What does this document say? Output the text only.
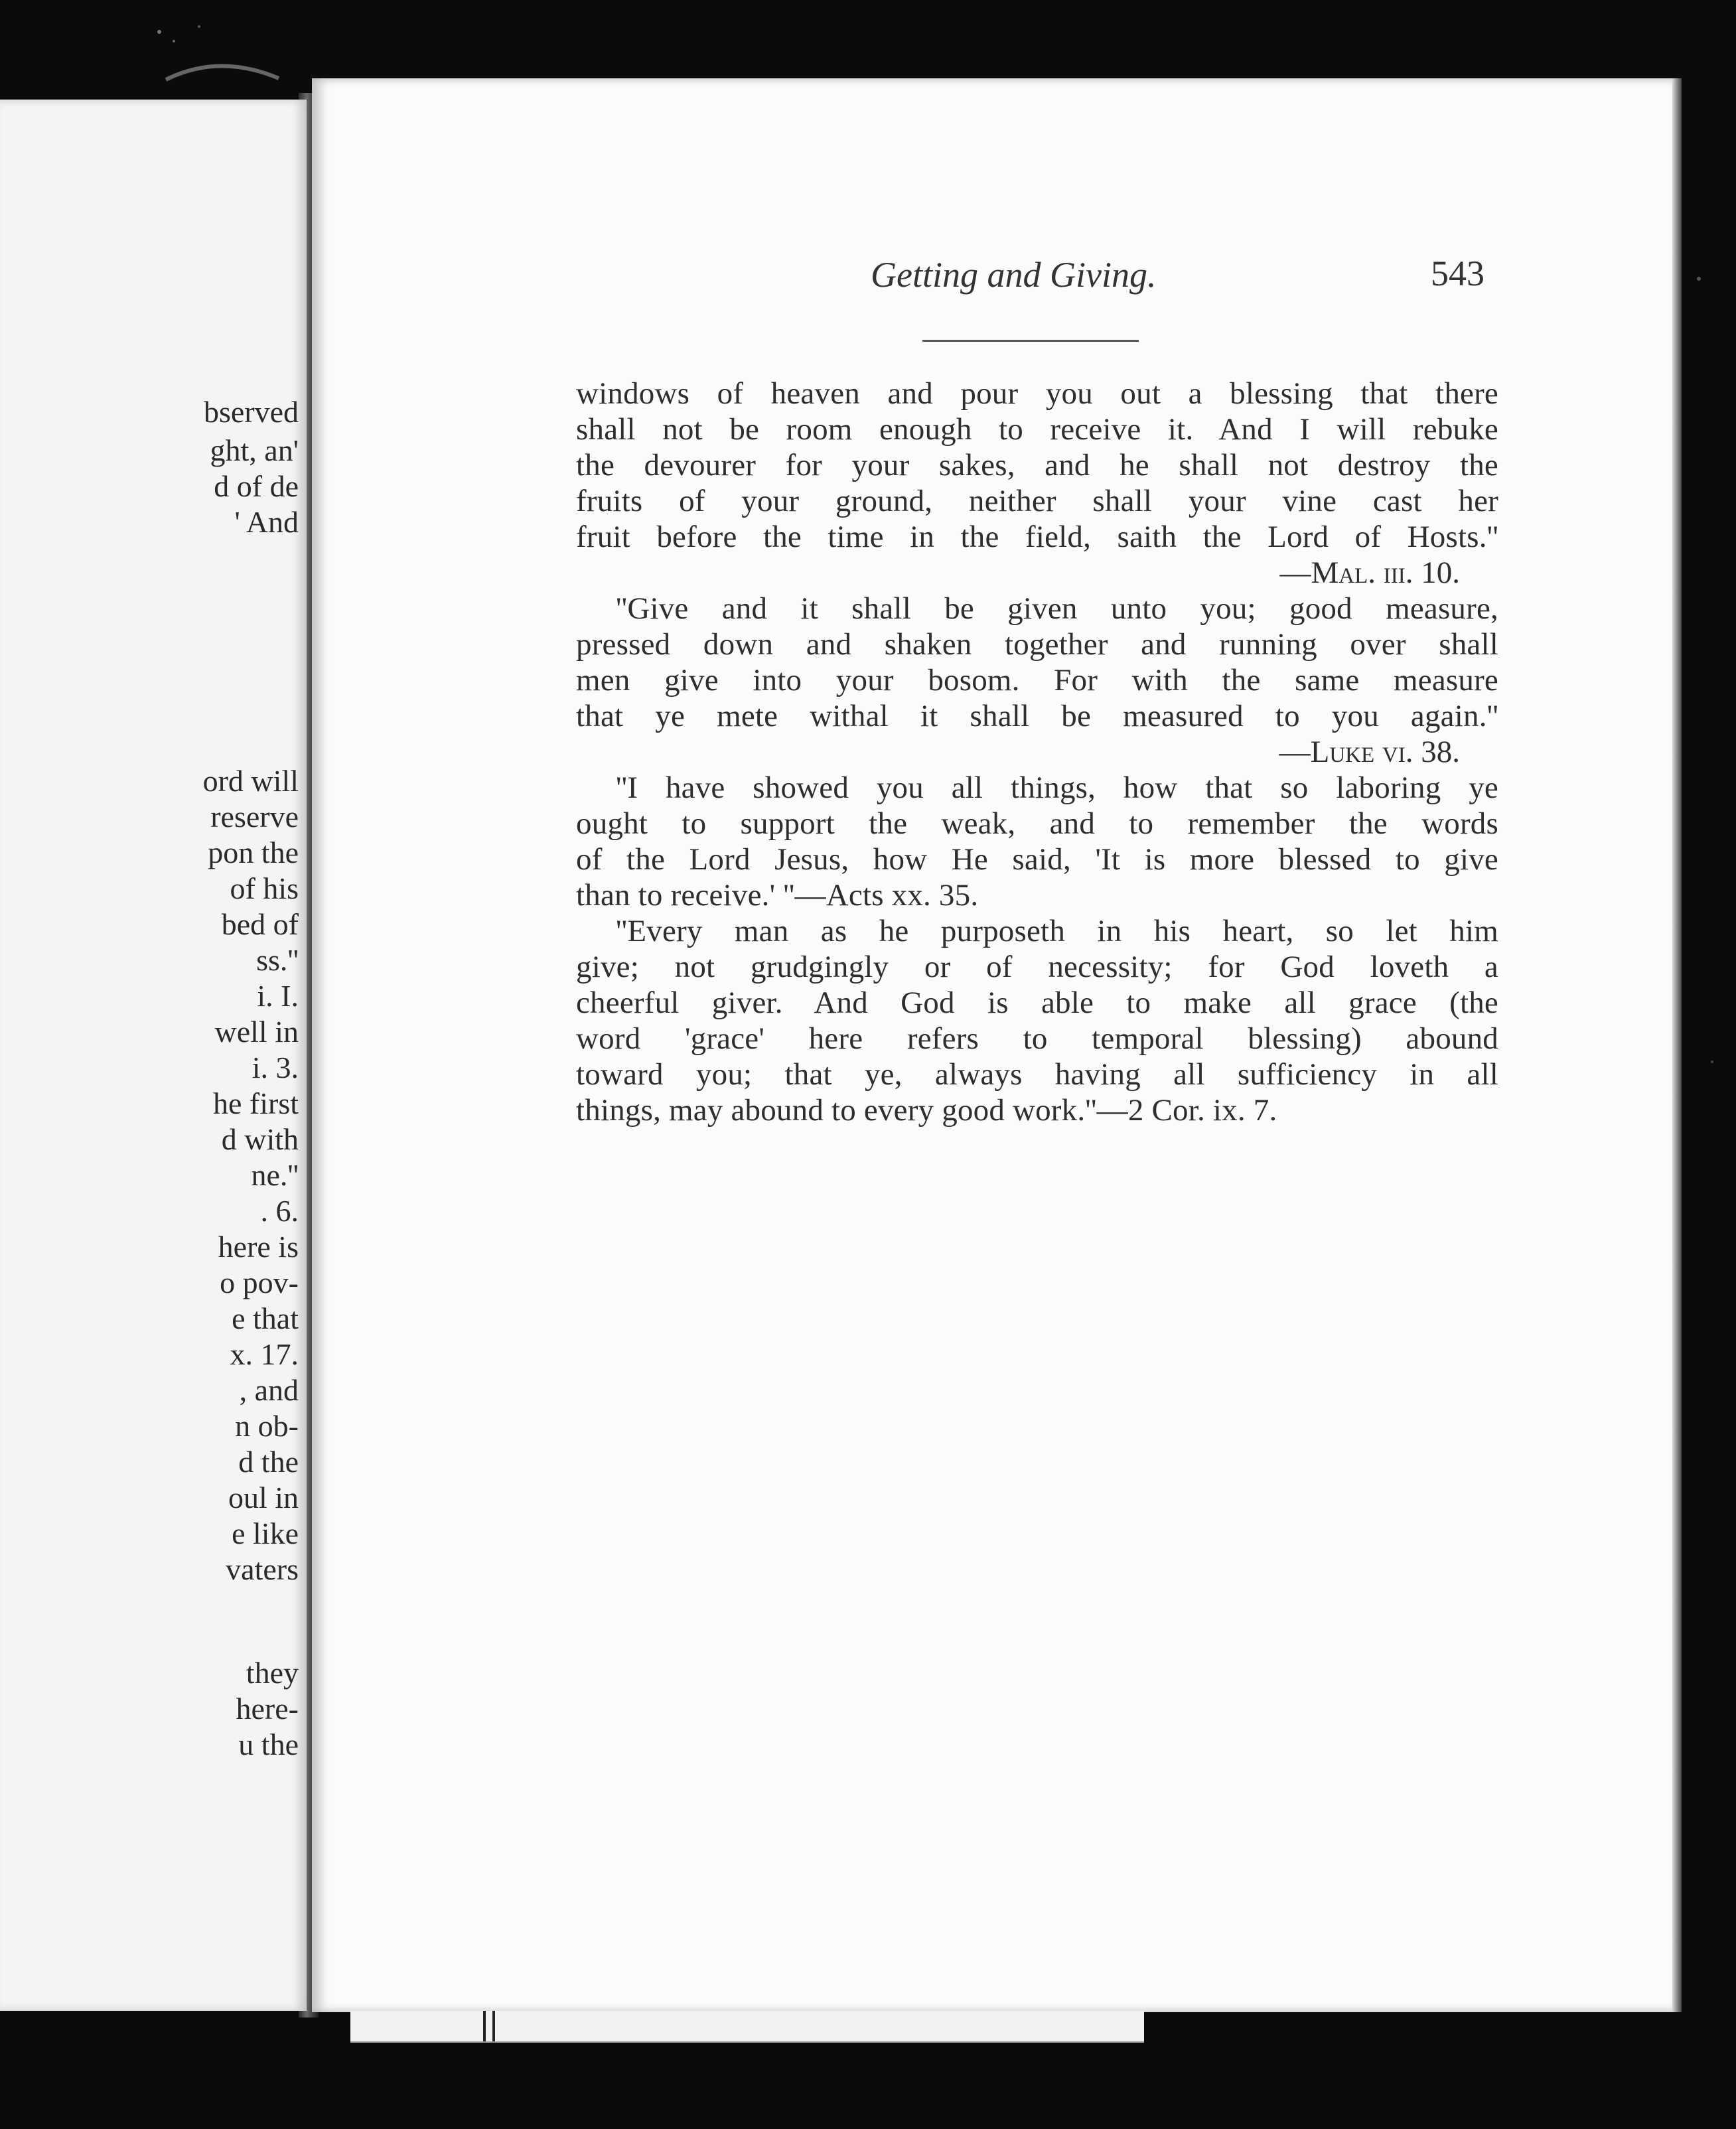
bserved
ght, an'
d of de
' And
ord will
reserve
pon the
of his
bed of
ss.''
i. I.
well in
i. 3.
he first
d with
ne.''
. 6.
here is
o pov-
e that
x. 17.
, and
n ob-
d the
oul in
e like
vaters
they
here-
u the
Getting and Giving.	543
windows of heaven and pour you out a blessing that there
shall not be room enough to receive it. And I will rebuke
the devourer for your sakes, and he shall not destroy the
fruits of your ground, neither shall your vine cast her
fruit before the time in the field, saith the Lord of Hosts.''
—Mal. iii. 10.
''Give and it shall be given unto you; good measure,
pressed down and shaken together and running over shall
men give into your bosom. For with the same measure
that ye mete withal it shall be measured to you again.''
—Luke vi. 38.
''I have showed you all things, how that so laboring ye
ought to support the weak, and to remember the words
of the Lord Jesus, how He said, 'It is more blessed to give
than to receive.' ''—Acts xx. 35.
''Every man as he purposeth in his heart, so let him
give; not grudgingly or of necessity; for God loveth a
cheerful giver. And God is able to make all grace (the
word 'grace' here refers to temporal blessing) abound
toward you; that ye, always having all sufficiency in all
things, may abound to every good work.''—2 Cor. ix. 7.
